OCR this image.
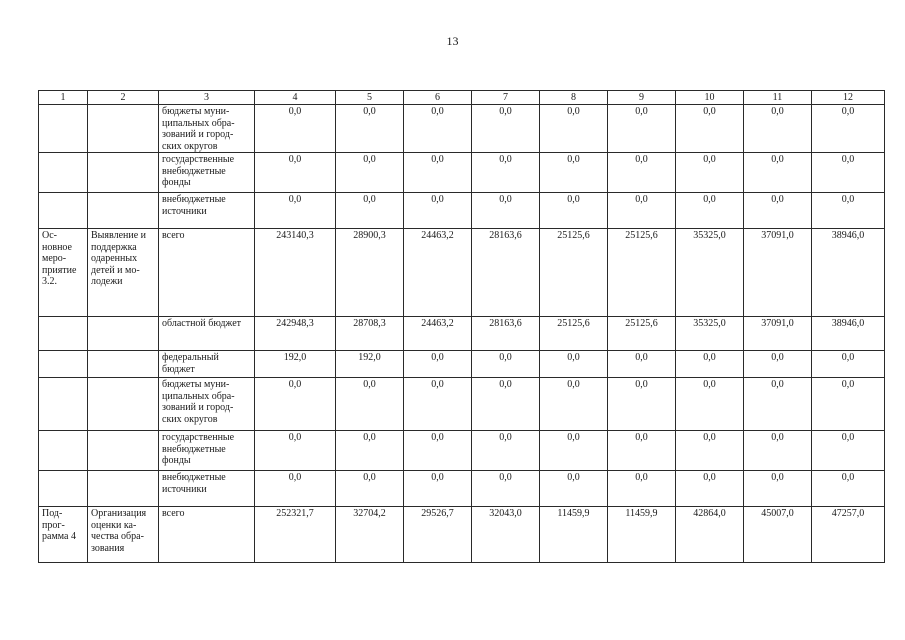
13
1	2	3	4	5	6	7	8	9	10	11	12
		бюджеты муни-ципальных обра-зований и город-ских округов	0,0	0,0	0,0	0,0	0,0	0,0	0,0	0,0	0,0
		государственные внебюджетные фонды	0,0	0,0	0,0	0,0	0,0	0,0	0,0	0,0	0,0
		внебюджетные источники	0,0	0,0	0,0	0,0	0,0	0,0	0,0	0,0	0,0
Ос-новное меро-приятие 3.2.	Выявление и поддержка одаренных детей и мо-лодежи	всего	243140,3	28900,3	24463,2	28163,6	25125,6	25125,6	35325,0	37091,0	38946,0
		областной бюджет	242948,3	28708,3	24463,2	28163,6	25125,6	25125,6	35325,0	37091,0	38946,0
		федеральный бюджет	192,0	192,0	0,0	0,0	0,0	0,0	0,0	0,0	0,0
		бюджеты муни-ципальных обра-зований и город-ских округов	0,0	0,0	0,0	0,0	0,0	0,0	0,0	0,0	0,0
		государственные внебюджетные фонды	0,0	0,0	0,0	0,0	0,0	0,0	0,0	0,0	0,0
		внебюджетные источники	0,0	0,0	0,0	0,0	0,0	0,0	0,0	0,0	0,0
Под-прог-рамма 4	Организация оценки ка-чества обра-зования	всего	252321,7	32704,2	29526,7	32043,0	11459,9	11459,9	42864,0	45007,0	47257,0
